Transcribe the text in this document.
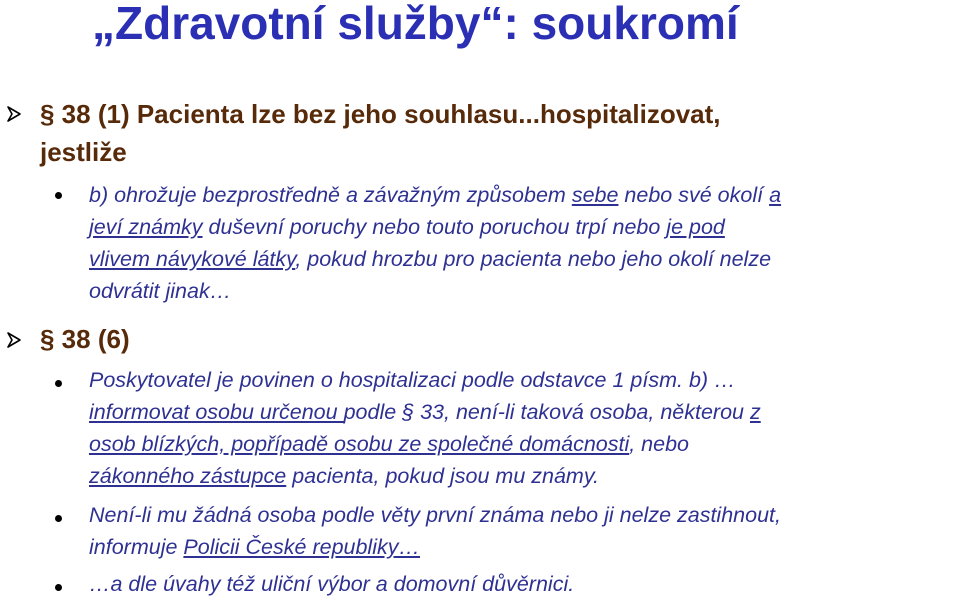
„Zdravotní služby“: soukromí
§ 38 (1) Pacienta lze bez jeho souhlasu...hospitalizovat,
jestliže
b) ohrožuje bezprostředně a závažným způsobem sebe nebo své okolí a
jeví známky duševní poruchy nebo touto poruchou trpí nebo je pod
vlivem návykové látky, pokud hrozbu pro pacienta nebo jeho okolí nelze
odvrátit jinak…
§ 38 (6)
Poskytovatel je povinen o hospitalizaci podle odstavce 1 písm. b) …
informovat osobu určenou podle § 33, není-li taková osoba, některou z
osob blízkých, popřípadě osobu ze společné domácnosti, nebo
zákonného zástupce pacienta, pokud jsou mu známy.
Není-li mu žádná osoba podle věty první známa nebo ji nelze zastihnout,
informuje Policii České republiky…
…a dle úvahy též uliční výbor a domovní důvěrnici.
